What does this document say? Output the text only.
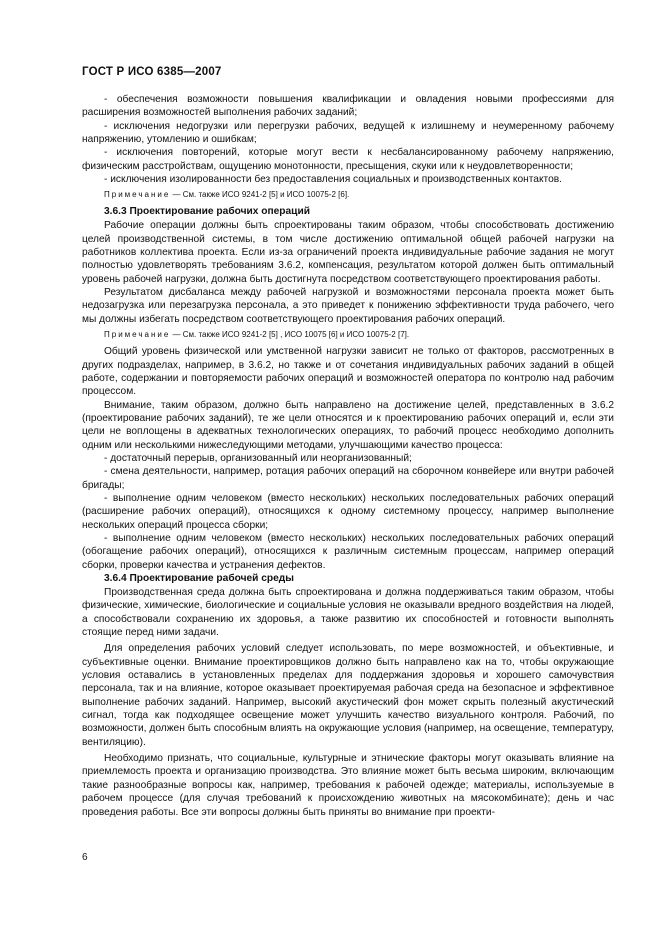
ГОСТ Р ИСО 6385—2007

- обеспечения возможности повышения квалификации и овладения новыми профессиями для расширения возможностей выполнения рабочих заданий;

- исключения недогрузки или перегрузки рабочих, ведущей к излишнему и неумеренному рабочему напряжению, утомлению и ошибкам;

- исключения повторений, которые могут вести к несбалансированному рабочему напряжению, физическим расстройствам, ощущению монотонности, пресыщения, скуки или к неудовлетворенности;

- исключения изолированности без предоставления социальных и производственных контактов.

Примечание — См. также ИСО 9241-2 [5] и ИСО 10075-2 [6].

3.6.3 Проектирование рабочих операций

Рабочие операции должны быть спроектированы таким образом, чтобы способствовать достижению целей производственной системы, в том числе достижению оптимальной общей рабочей нагрузки на работников коллектива проекта. Если из-за ограничений проекта индивидуальные рабочие задания не могут полностью удовлетворять требованиям 3.6.2, компенсация, результатом которой должен быть оптимальный уровень рабочей нагрузки, должна быть достигнута посредством соответствующего проектирования работы.

Результатом дисбаланса между рабочей нагрузкой и возможностями персонала проекта может быть недозагрузка или перезагрузка персонала, а это приведет к понижению эффективности труда рабочего, чего мы должны избегать посредством соответствующего проектирования рабочих операций.

Примечание — См. также ИСО 9241-2 [5] , ИСО 10075 [6] и ИСО 10075-2 [7].

Общий уровень физической или умственной нагрузки зависит не только от факторов, рассмотренных в других подразделах, например, в 3.6.2, но также и от сочетания индивидуальных рабочих заданий в общей работе, содержании и повторяемости рабочих операций и возможностей оператора по контролю над рабочим процессом.

Внимание, таким образом, должно быть направлено на достижение целей, представленных в 3.6.2 (проектирование рабочих заданий), те же цели относятся и к проектированию рабочих операций и, если эти цели не воплощены в адекватных технологических операциях, то рабочий процесс необходимо дополнить одним или несколькими нижеследующими методами, улучшающими качество процесса:

- достаточный перерыв, организованный или неорганизованный;

- смена деятельности, например, ротация рабочих операций на сборочном конвейере или внутри рабочей бригады;

- выполнение одним человеком (вместо нескольких) нескольких последовательных рабочих операций (расширение рабочих операций), относящихся к одному системному процессу, например выполнение нескольких операций процесса сборки;

- выполнение одним человеком (вместо нескольких) нескольких последовательных рабочих операций (обогащение рабочих операций), относящихся к различным системным процессам, например операций сборки, проверки качества и устранения дефектов.

3.6.4 Проектирование рабочей среды

Производственная среда должна быть спроектирована и должна поддерживаться таким образом, чтобы физические, химические, биологические и социальные условия не оказывали вредного воздействия на людей, а способствовали сохранению их здоровья, а также развитию их способностей и готовности выполнять стоящие перед ними задачи.

Для определения рабочих условий следует использовать, по мере возможностей, и объективные, и субъективные оценки. Внимание проектировщиков должно быть направлено как на то, чтобы окружающие условия оставались в установленных пределах для поддержания здоровья и хорошего самочувствия персонала, так и на влияние, которое оказывает проектируемая рабочая среда на безопасное и эффективное выполнение рабочих заданий. Например, высокий акустический фон может скрыть полезный акустический сигнал, тогда как подходящее освещение может улучшить качество визуального контроля. Рабочий, по возможности, должен быть способным влиять на окружающие условия (например, на освещение, температуру, вентиляцию).

Необходимо признать, что социальные, культурные и этнические факторы могут оказывать влияние на приемлемость проекта и организацию производства. Это влияние может быть весьма широким, включающим такие разнообразные вопросы как, например, требования к рабочей одежде; материалы, используемые в рабочем процессе (для случая требований к происхождению животных на мясокомбинате); день и час проведения работы. Все эти вопросы должны быть приняты во внимание при проекти-

6
